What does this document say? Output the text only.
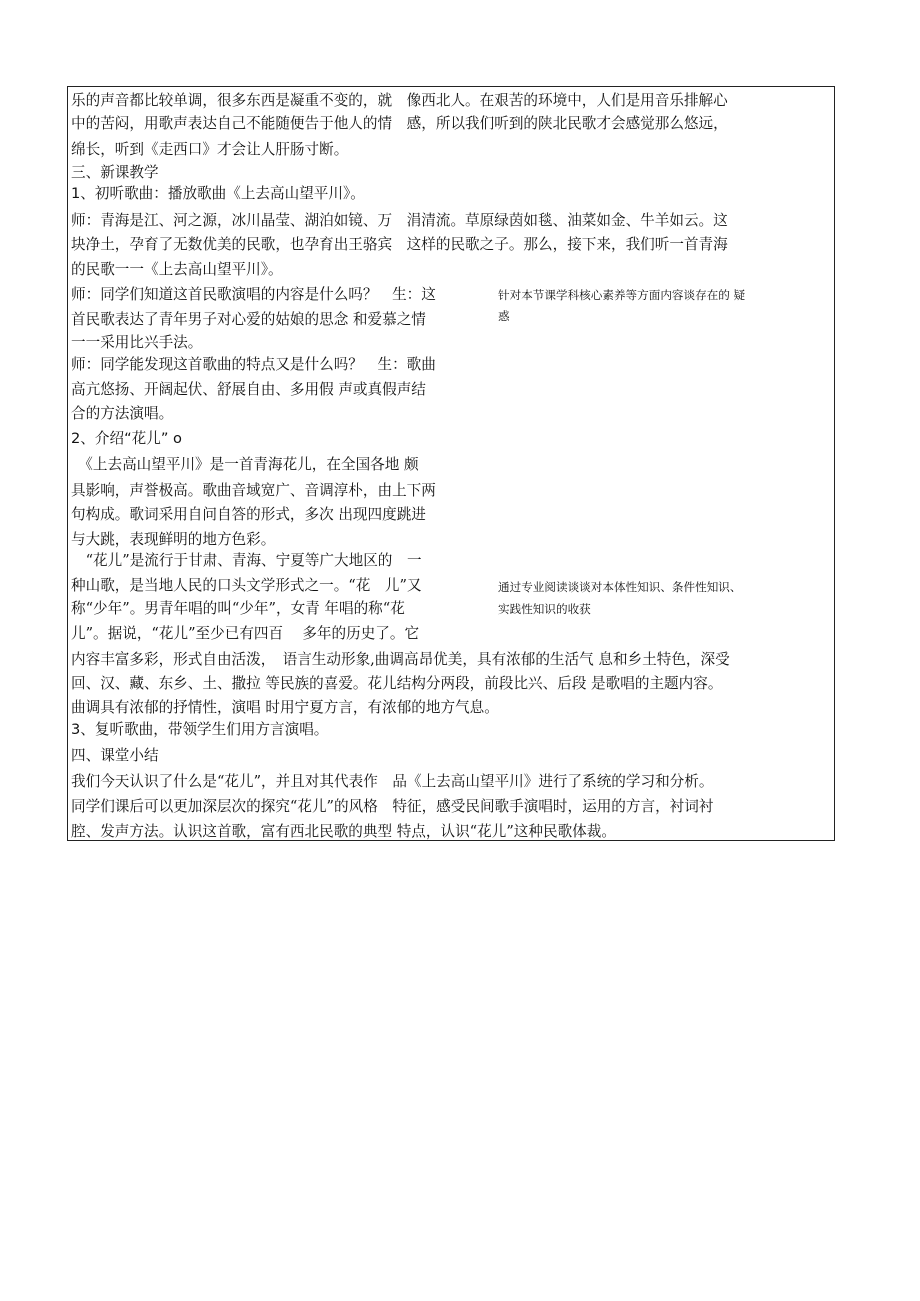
乐的声音都比较单调，很多东西是凝重不变的，就　像西北人。在艰苦的环境中，人们是用音乐排解心
中的苦闷，用歌声表达自己不能随便告于他人的情　感，所以我们听到的陕北民歌才会感觉那么悠远，
绵长，听到《走西口》才会让人肝肠寸断。
三、新课教学
1、初听歌曲：播放歌曲《上去高山望平川》。
师：青海是江、河之源，冰川晶莹、湖泊如镜、万　涓清流。草原绿茵如毯、油菜如金、牛羊如云。这
块净土，孕育了无数优美的民歌，也孕育出王骆宾　这样的民歌之子。那么，接下来，我们听一首青海
的民歌一一《上去高山望平川》。
师：同学们知道这首民歌演唱的内容是什么吗？　生：这
首民歌表达了青年男子对心爱的姑娘的思念 和爱慕之情
一一采用比兴手法。
师：同学能发现这首歌曲的特点又是什么吗？　生：歌曲
高亢悠扬、开阔起伏、舒展自由、多用假 声或真假声结
合的方法演唱。
2、介绍“花儿” o
　《上去高山望平川》是一首青海花儿，在全国各地 颇
具影响，声誉极高。歌曲音域宽广、音调淳朴，由上下两
句构成。歌词采用自问自答的形式，多次 出现四度跳进
与大跳，表现鲜明的地方色彩。
　“花儿”是流行于甘肃、青海、宁夏等广大地区的　一
种山歌，是当地人民的口头文学形式之一。“花　儿”又
称“少年”。男青年唱的叫“少年”，女青 年唱的称“花
儿”。据说，“花儿”至少已有四百　 多年的历史了。它
内容丰富多彩，形式自由活泼，　语言生动形象,曲调高昂优美，具有浓郁的生活气 息和乡土特色，深受
回、汉、藏、东乡、土、撒拉 等民族的喜爱。花儿结构分两段，前段比兴、后段 是歌唱的主题内容。
曲调具有浓郁的抒情性，演唱 时用宁夏方言，有浓郁的地方气息。
3、复听歌曲，带领学生们用方言演唱。
四、课堂小结
我们今天认识了什么是“花儿”，并且对其代表作　品《上去高山望平川》进行了系统的学习和分析。
同学们课后可以更加深层次的探究“花儿”的风格　特征，感受民间歌手演唱时，运用的方言，衬词衬
腔、发声方法。认识这首歌，富有西北民歌的典型 特点，认识“花儿”这种民歌体裁。
针对本节课学科核心素养等方面内容谈存在的 疑
惑
通过专业阅读谈谈对本体性知识、条件性知识、
实践性知识的收获
